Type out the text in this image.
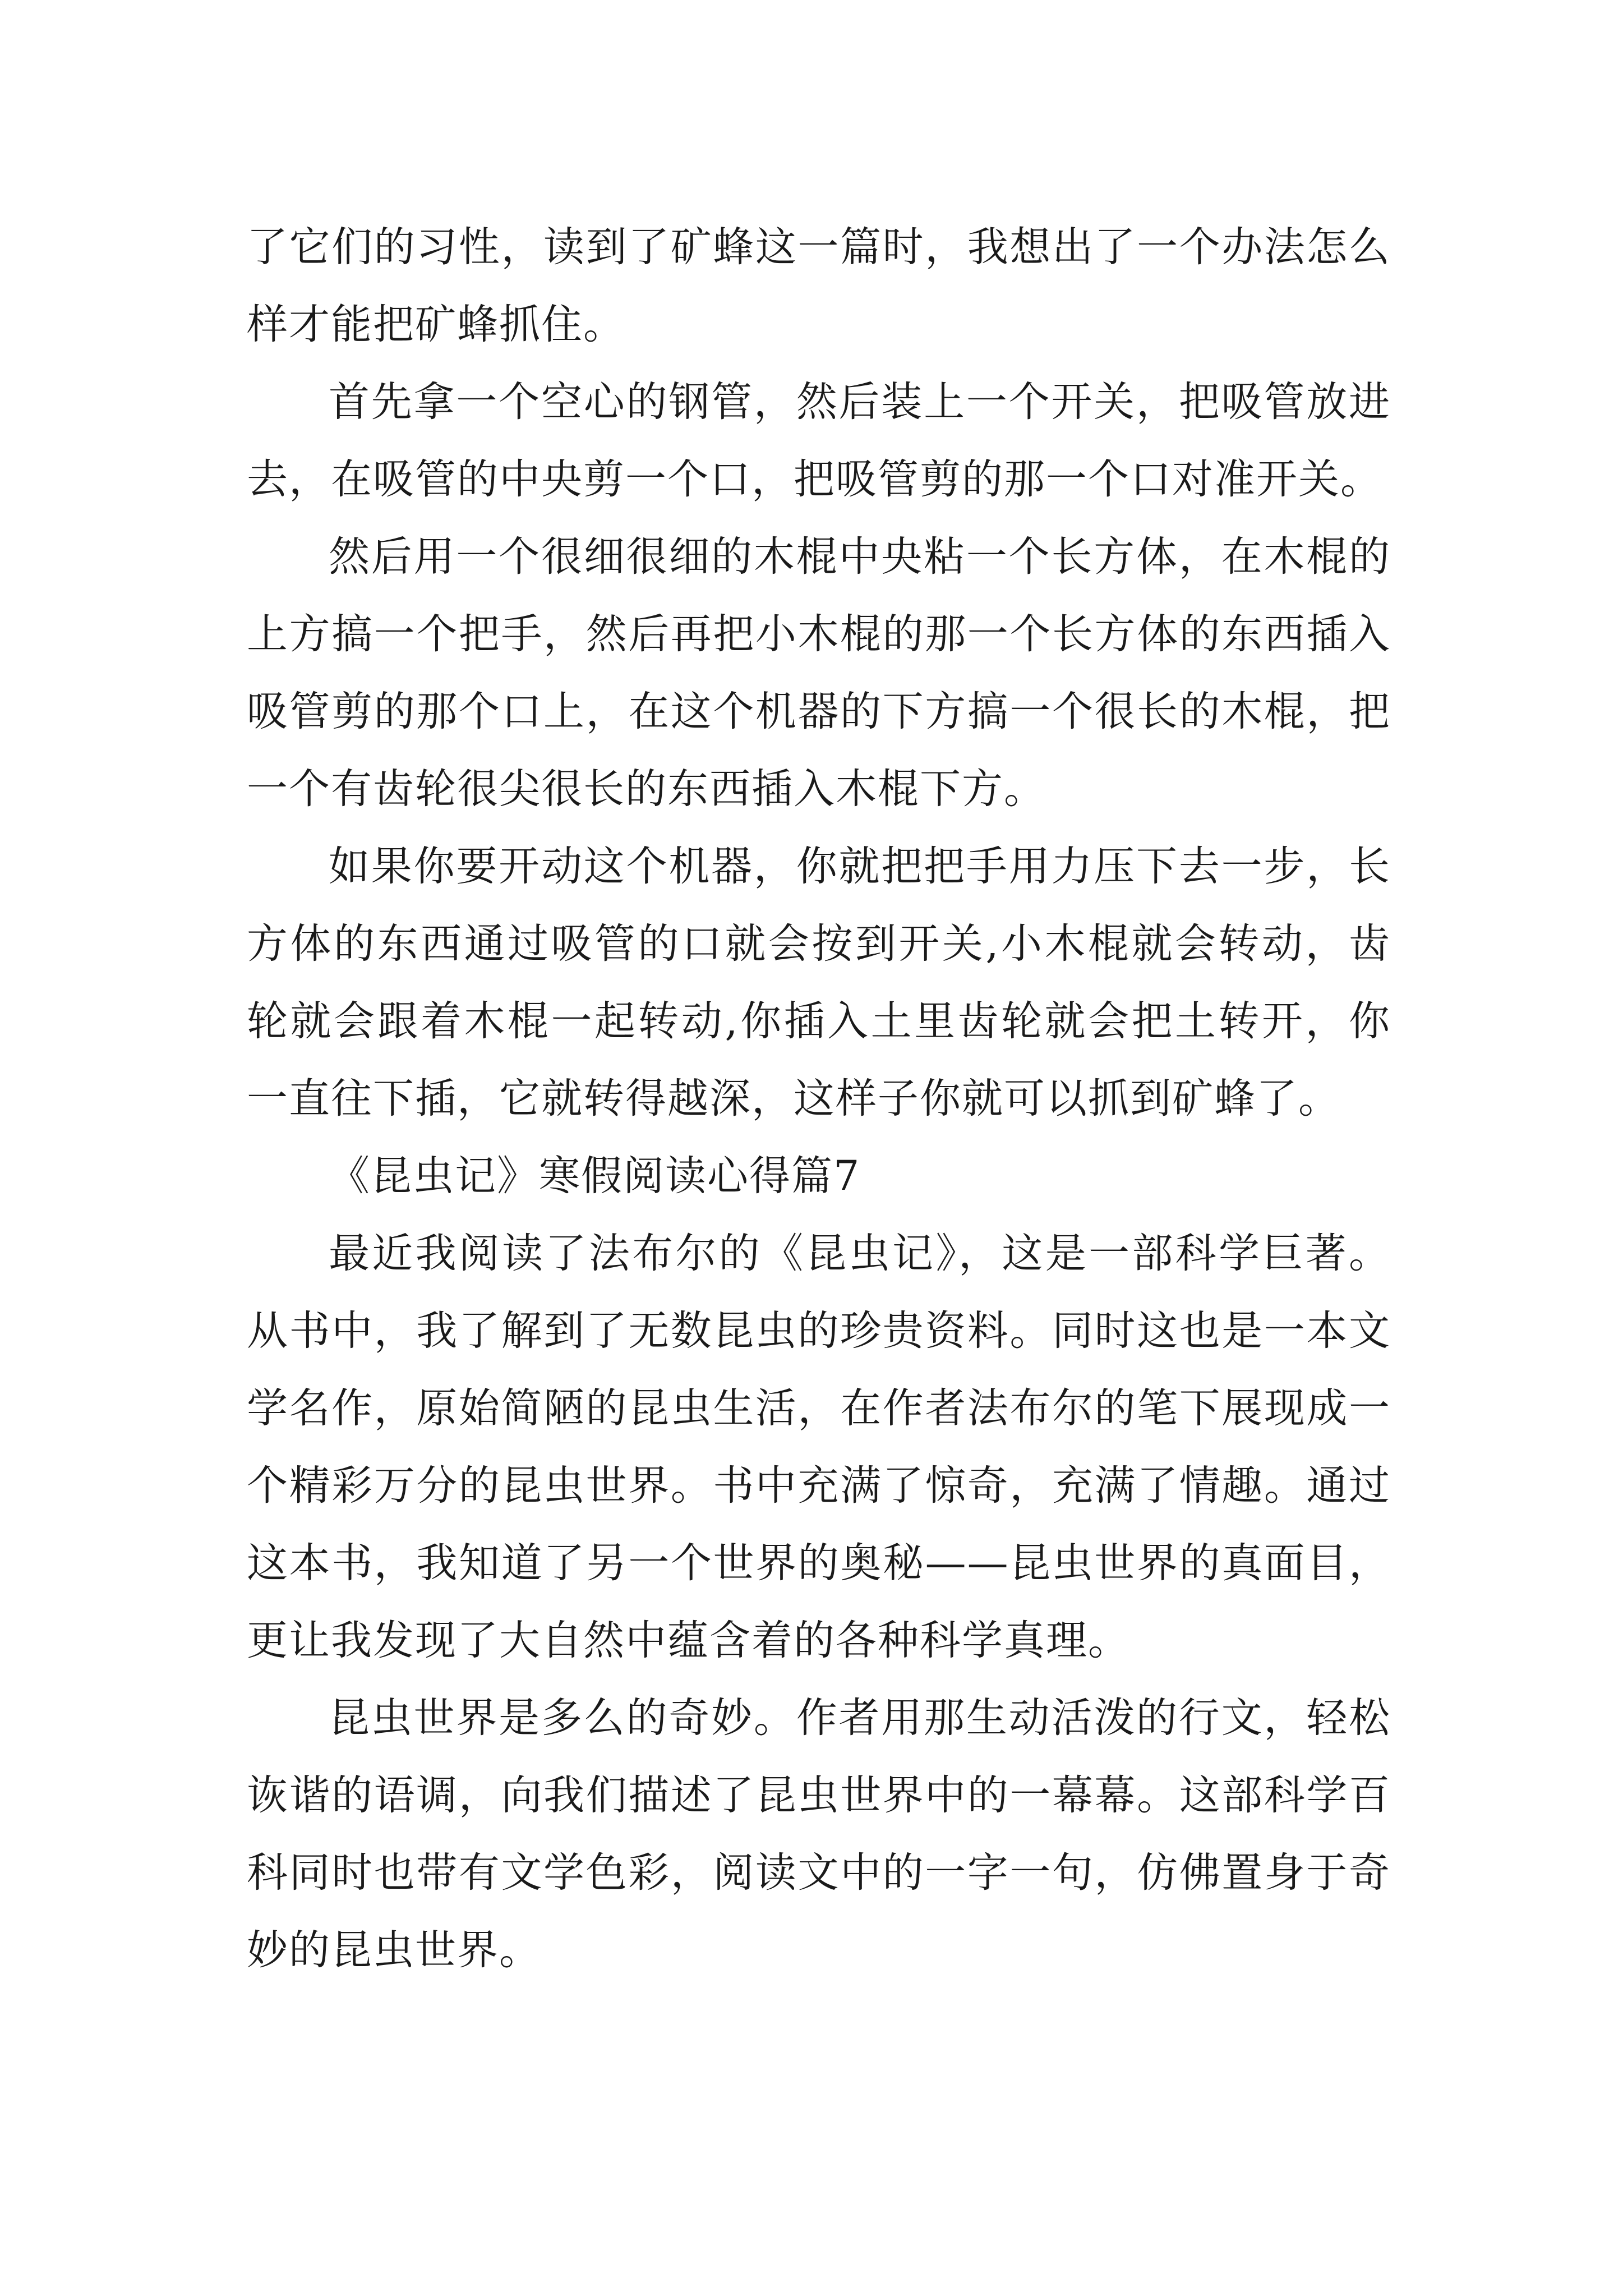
了它们的习性，读到了矿蜂这一篇时，我想出了一个办法怎么样才能把矿蜂抓住。

首先拿一个空心的钢管，然后装上一个开关，把吸管放进去，在吸管的中央剪一个口，把吸管剪的那一个口对准开关。

然后用一个很细很细的木棍中央粘一个长方体，在木棍的上方搞一个把手，然后再把小木棍的那一个长方体的东西插入吸管剪的那个口上，在这个机器的下方搞一个很长的木棍，把一个有齿轮很尖很长的东西插入木棍下方。

如果你要开动这个机器，你就把把手用力压下去一步，长方体的东西通过吸管的口就会按到开关,小木棍就会转动，齿轮就会跟着木棍一起转动,你插入土里齿轮就会把土转开，你一直往下插，它就转得越深，这样子你就可以抓到矿蜂了。

《昆虫记》寒假阅读心得篇7

最近我阅读了法布尔的《昆虫记》，这是一部科学巨著。从书中，我了解到了无数昆虫的珍贵资料。同时这也是一本文学名作，原始简陋的昆虫生活，在作者法布尔的笔下展现成一个精彩万分的昆虫世界。书中充满了惊奇，充满了情趣。通过这本书，我知道了另一个世界的奥秘——昆虫世界的真面目，更让我发现了大自然中蕴含着的各种科学真理。

昆虫世界是多么的奇妙。作者用那生动活泼的行文，轻松诙谐的语调，向我们描述了昆虫世界中的一幕幕。这部科学百科同时也带有文学色彩，阅读文中的一字一句，仿佛置身于奇妙的昆虫世界。
